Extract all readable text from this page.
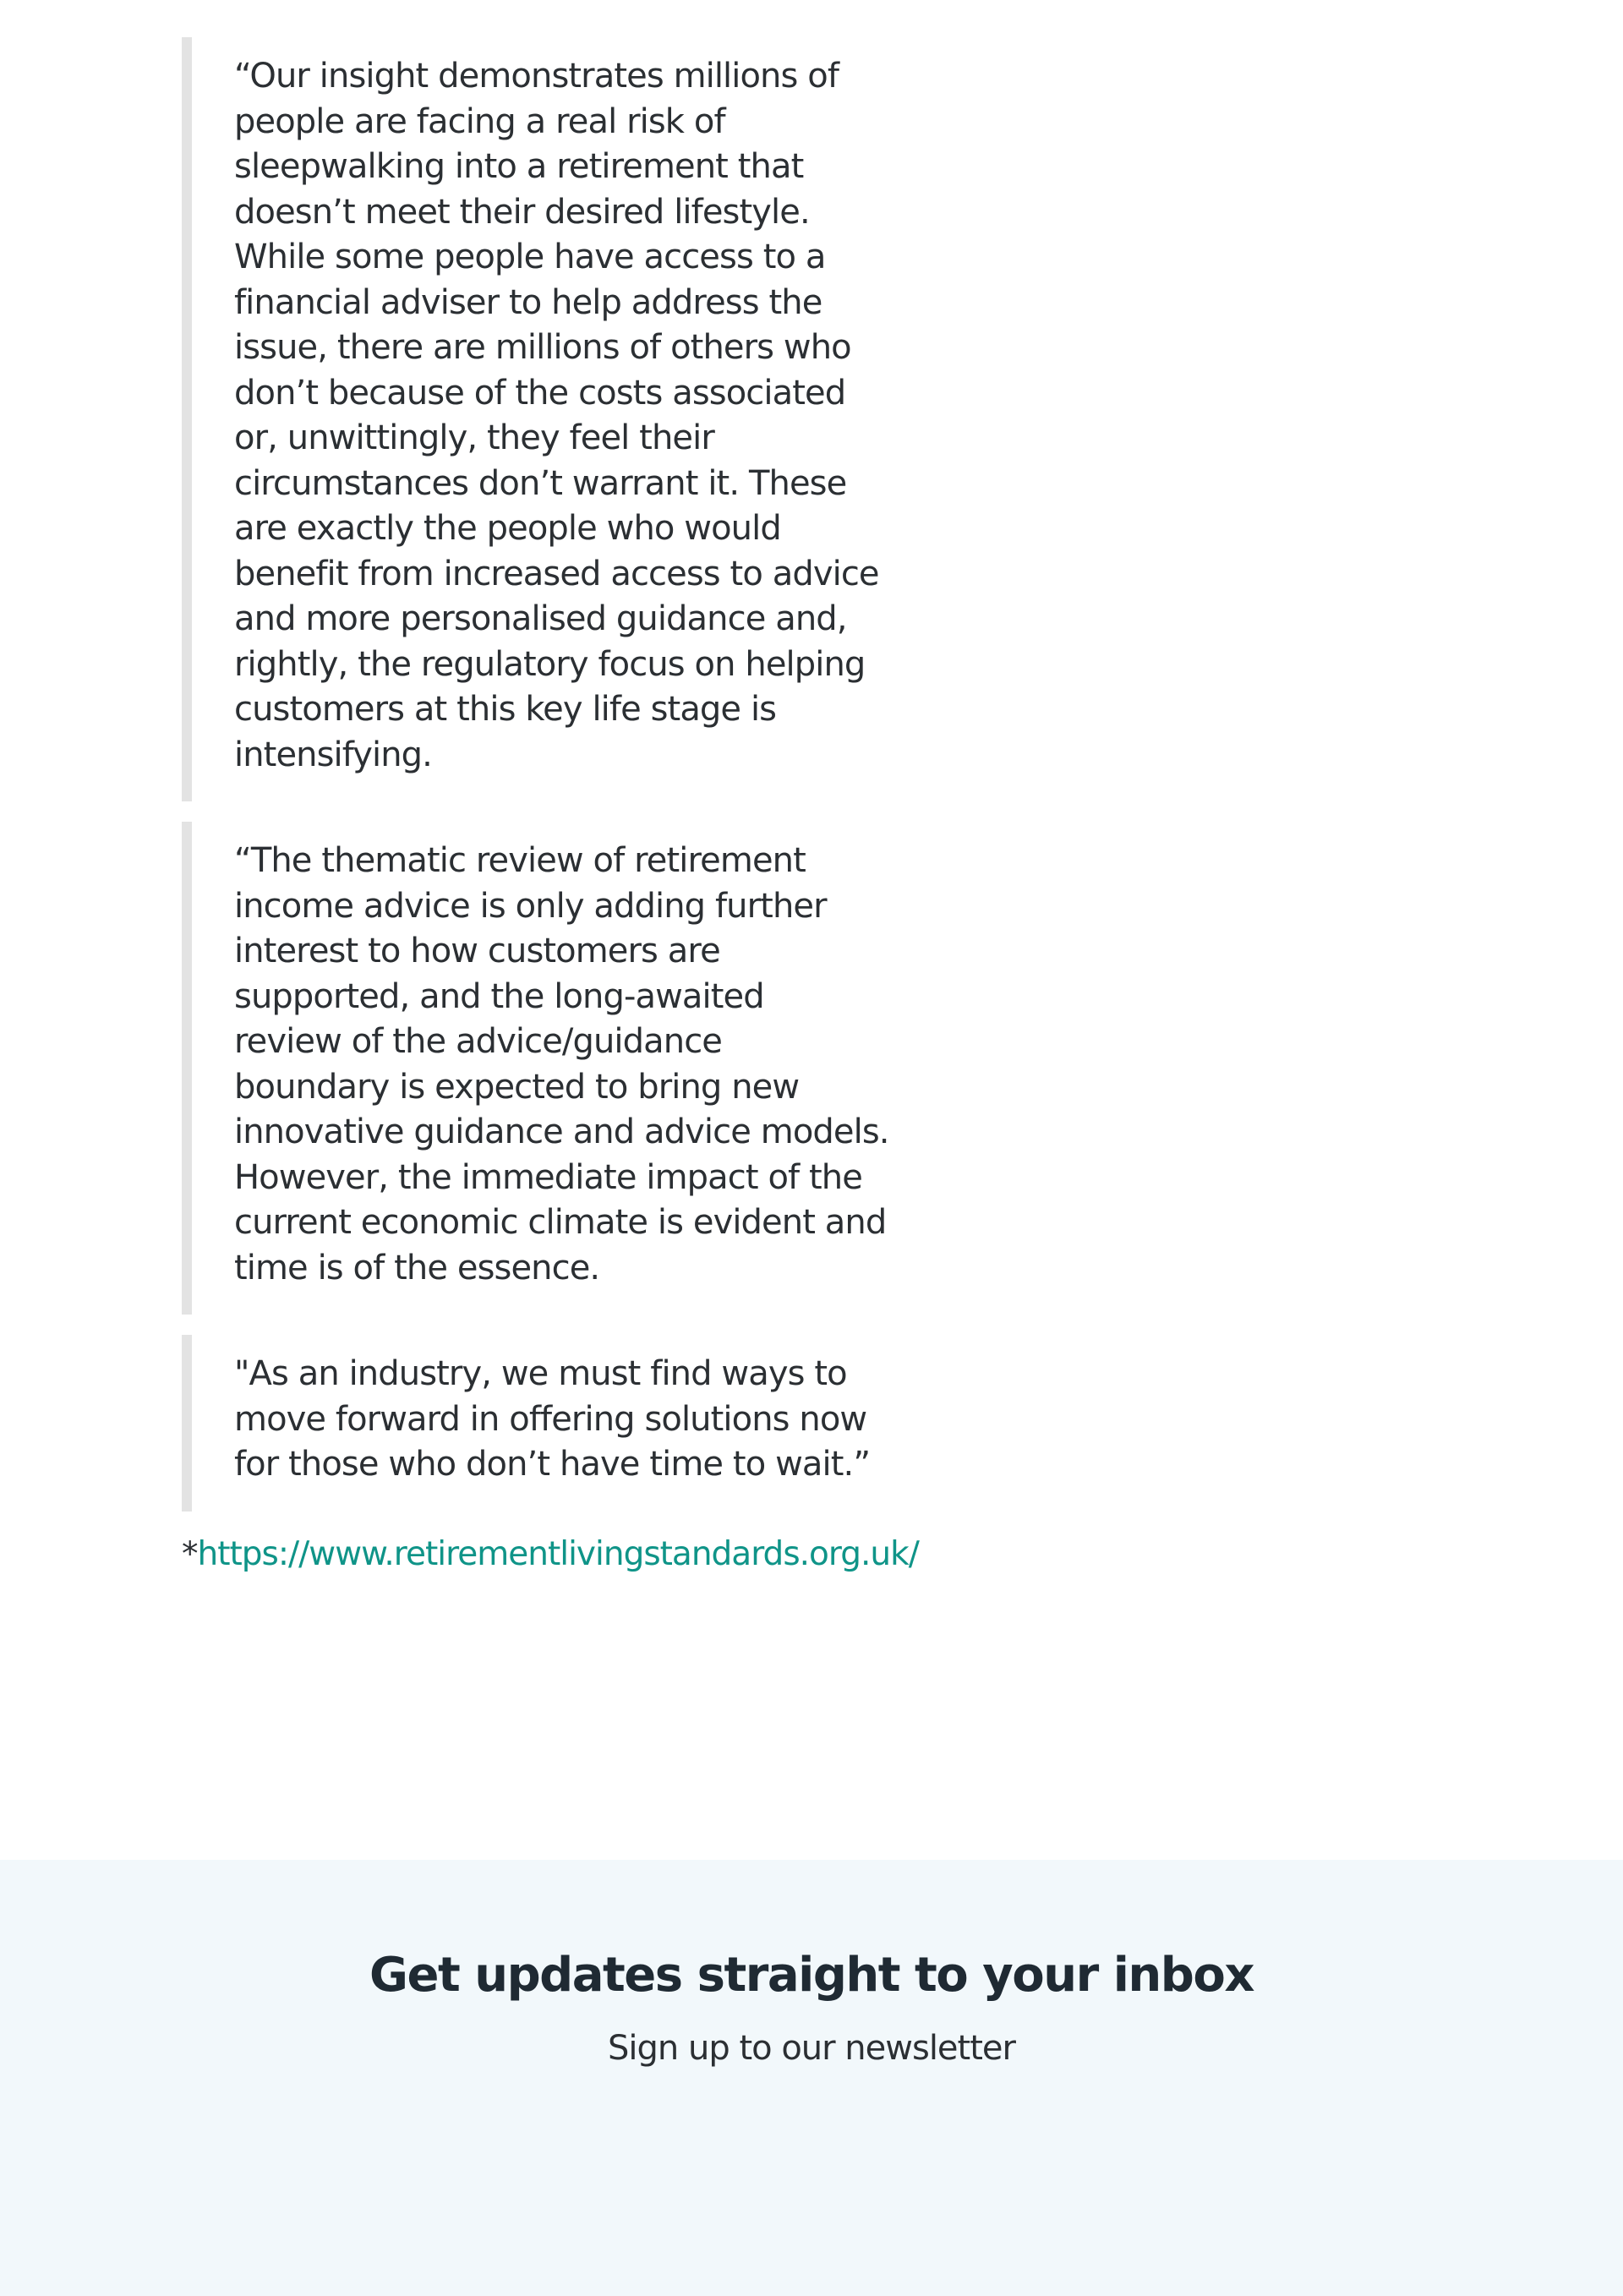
“Our insight demonstrates millions of
people are facing a real risk of
sleepwalking into a retirement that
doesn’t meet their desired lifestyle.
While some people have access to a
financial adviser to help address the
issue, there are millions of others who
don’t because of the costs associated
or, unwittingly, they feel their
circumstances don’t warrant it. These
are exactly the people who would
benefit from increased access to advice
and more personalised guidance and,
rightly, the regulatory focus on helping
customers at this key life stage is
intensifying.

“The thematic review of retirement
income advice is only adding further
interest to how customers are
supported, and the long-awaited
review of the advice/guidance
boundary is expected to bring new
innovative guidance and advice models.
However, the immediate impact of the
current economic climate is evident and
time is of the essence.

"As an industry, we must find ways to
move forward in offering solutions now
for those who don’t have time to wait.”

*https://www.retirementlivingstandards.org.uk/
Get updates straight to your inbox
Sign up to our newsletter
